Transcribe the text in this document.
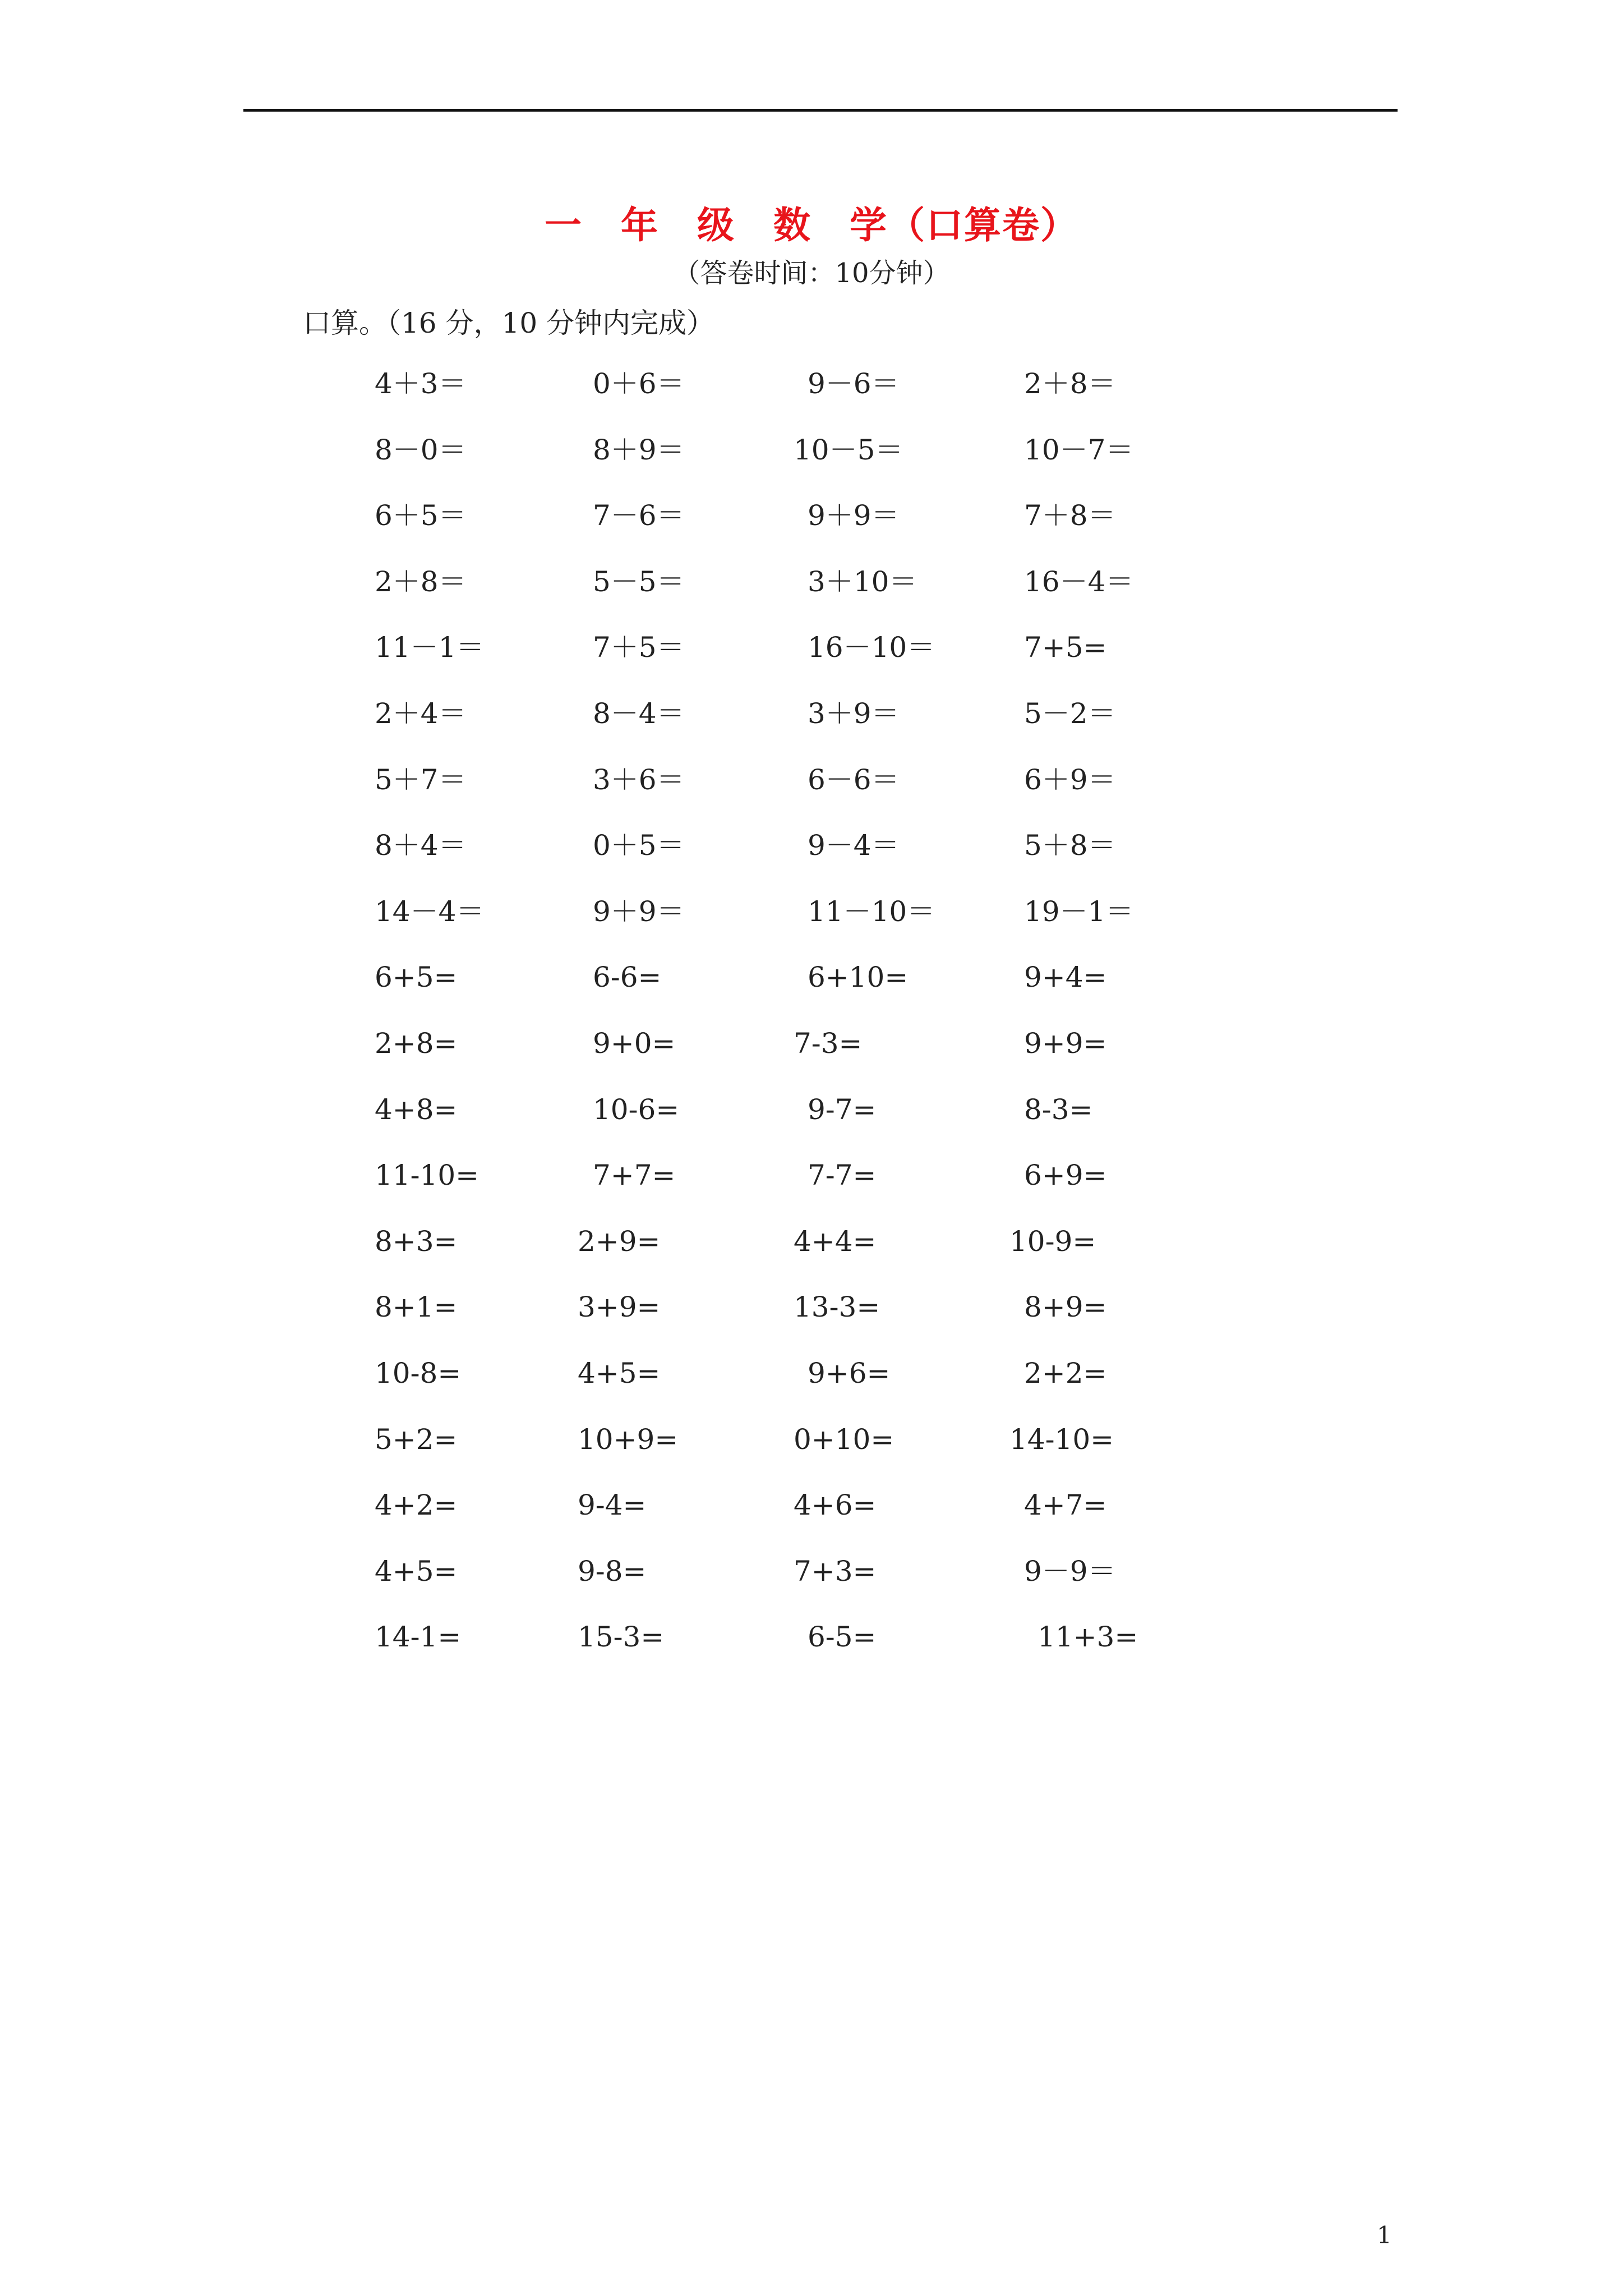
一　年　级　数　学（口算卷）
（答卷时间：10分钟）
口算。（16 分，10 分钟内完成）
4＋3＝	0＋6＝	9－6＝	2＋8＝
8－0＝	8＋9＝	10－5＝	10－7＝
6＋5＝	7－6＝	9＋9＝	7＋8＝
2＋8＝	5－5＝	3＋10＝	16－4＝
11－1＝	7＋5＝	16－10＝	7+5=
2＋4＝	8－4＝	3＋9＝	5－2＝
5＋7＝	3＋6＝	6－6＝	6＋9＝
8＋4＝	0＋5＝	9－4＝	5＋8＝
14－4＝	9＋9＝	11－10＝	19－1＝
6+5=	6-6=	6+10=	9+4=
2+8=	9+0=	7-3=	9+9=
4+8=	10-6=	9-7=	8-3=
11-10=	7+7=	7-7=	6+9=
8+3=	2+9=	4+4=	10-9=
8+1=	3+9=	13-3=	8+9=
10-8=	4+5=	9+6=	2+2=
5+2=	10+9=	0+10=	14-10=
4+2=	9-4=	4+6=	4+7=
4+5=	9-8=	7+3=	9－9＝
14-1=	15-3=	6-5=	11+3=
1
